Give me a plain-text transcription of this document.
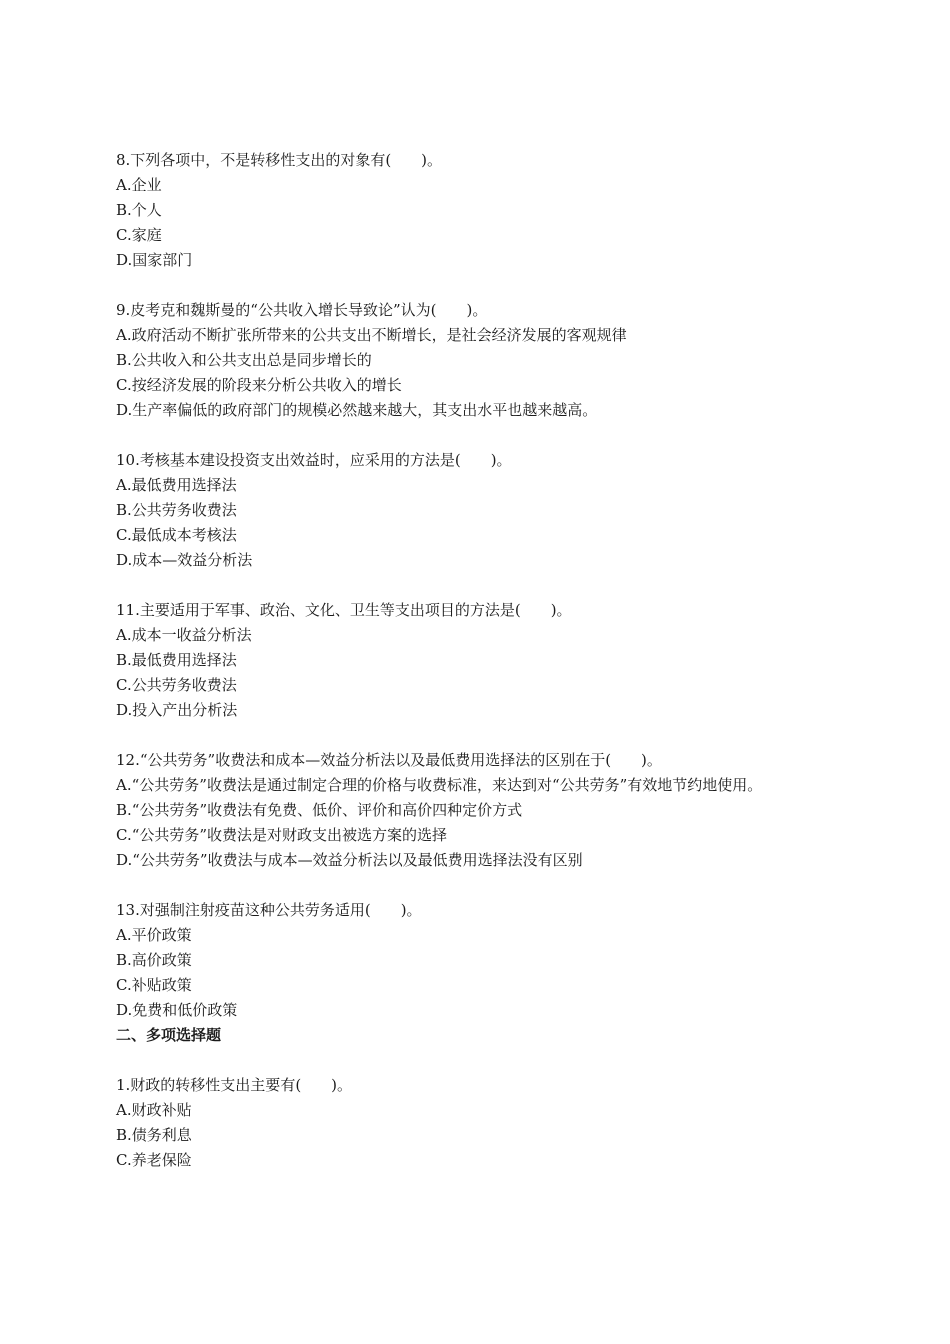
8.下列各项中，不是转移性支出的对象有(　　)。
A.企业
B.个人
C.家庭
D.国家部门
9.皮考克和魏斯曼的“公共收入增长导致论”认为(　　)。
A.政府活动不断扩张所带来的公共支出不断增长，是社会经济发展的客观规律
B.公共收入和公共支出总是同步增长的
C.按经济发展的阶段来分析公共收入的增长
D.生产率偏低的政府部门的规模必然越来越大，其支出水平也越来越高。
10.考核基本建设投资支出效益时，应采用的方法是(　　)。
A.最低费用选择法
B.公共劳务收费法
C.最低成本考核法
D.成本—效益分析法
11.主要适用于军事、政治、文化、卫生等支出项目的方法是(　　)。
A.成本一收益分析法
B.最低费用选择法
C.公共劳务收费法
D.投入产出分析法
12.“公共劳务”收费法和成本—效益分析法以及最低费用选择法的区别在于(　　)。
A.“公共劳务”收费法是通过制定合理的价格与收费标准，来达到对“公共劳务”有效地节约地使用。
B.“公共劳务”收费法有免费、低价、评价和高价四种定价方式
C.“公共劳务”收费法是对财政支出被选方案的选择
D.“公共劳务”收费法与成本—效益分析法以及最低费用选择法没有区别
13.对强制注射疫苗这种公共劳务适用(　　)。
A.平价政策
B.高价政策
C.补贴政策
D.免费和低价政策
二、多项选择题
1.财政的转移性支出主要有(　　)。
A.财政补贴
B.债务利息
C.养老保险
